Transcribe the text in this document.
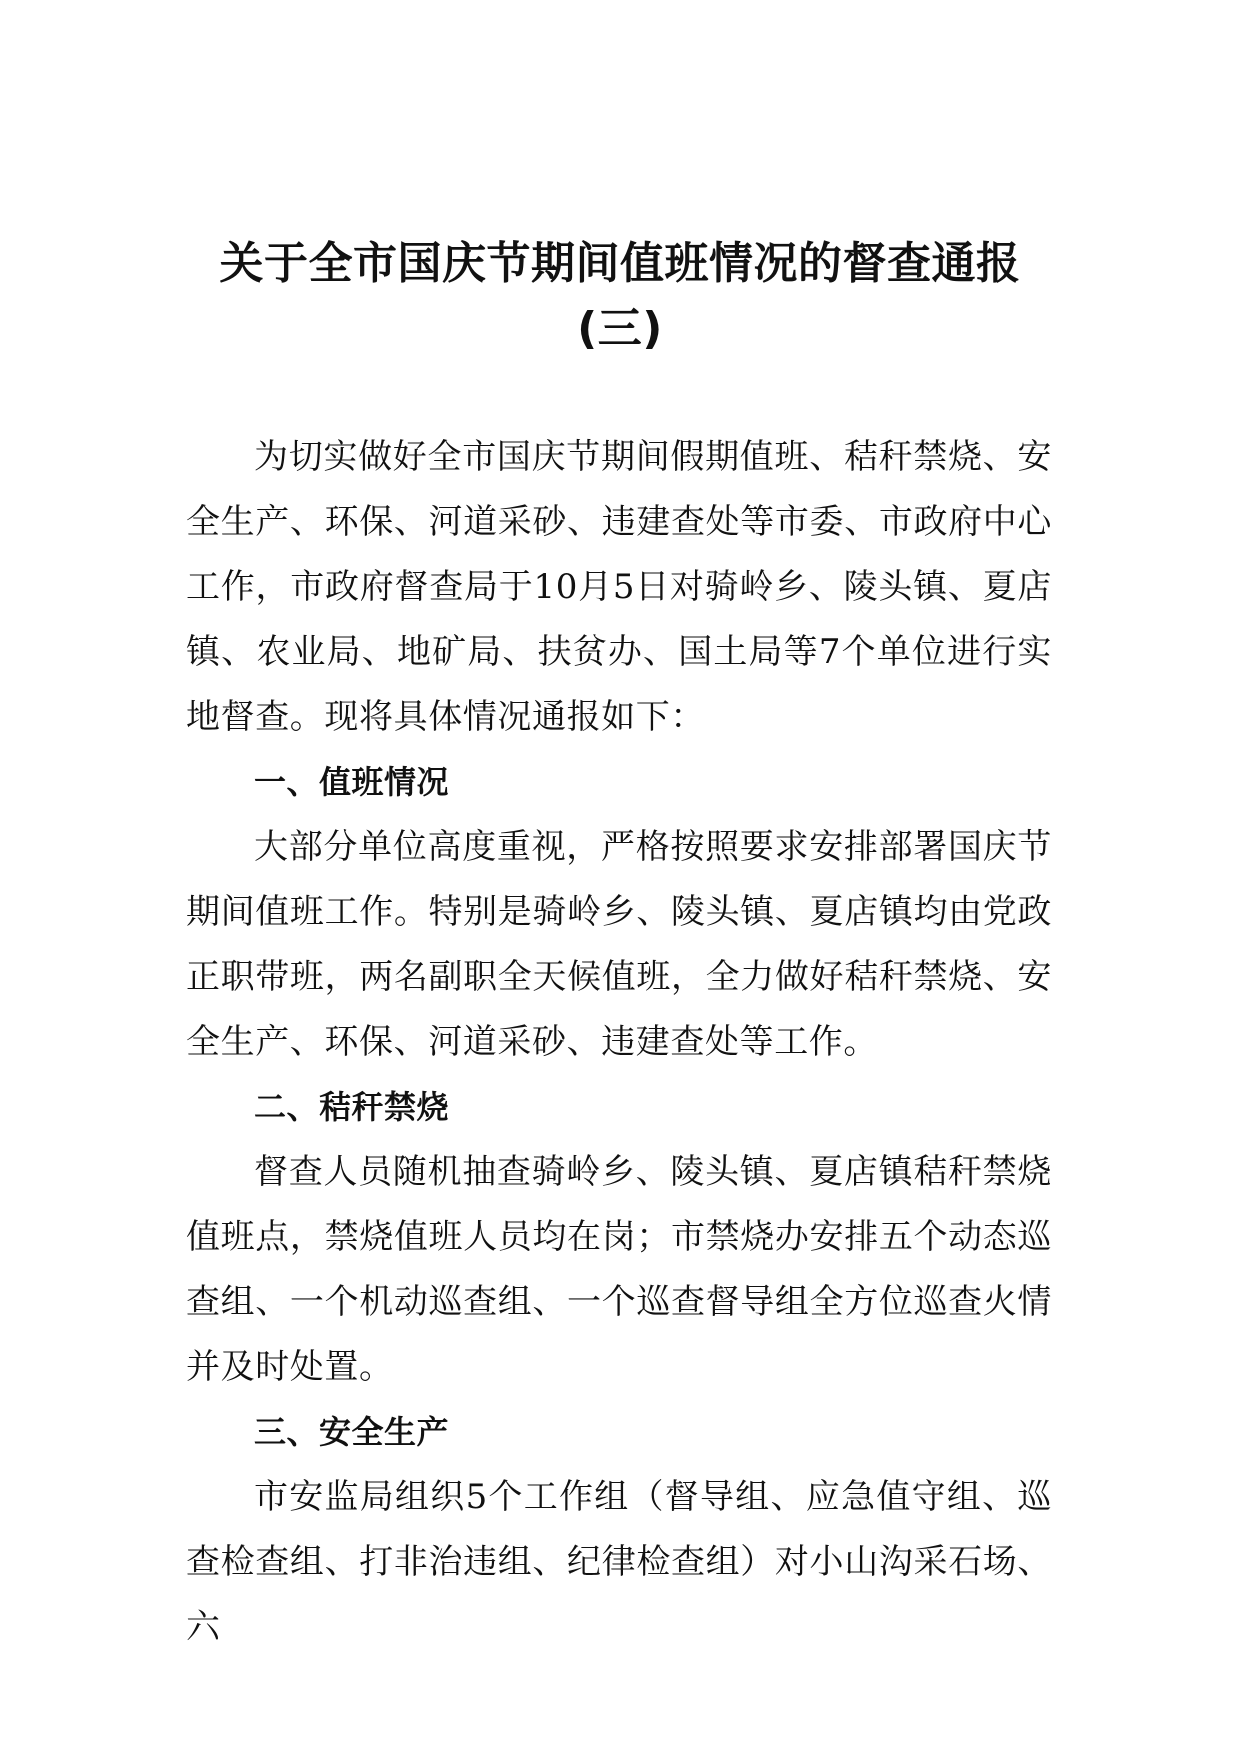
关于全市国庆节期间值班情况的督查通报
(三)

为切实做好全市国庆节期间假期值班、秸秆禁烧、安全生产、环保、河道采砂、违建查处等市委、市政府中心工作，市政府督查局于10月5日对骑岭乡、陵头镇、夏店镇、农业局、地矿局、扶贫办、国土局等7个单位进行实地督查。现将具体情况通报如下：

一、值班情况

大部分单位高度重视，严格按照要求安排部署国庆节期间值班工作。特别是骑岭乡、陵头镇、夏店镇均由党政正职带班，两名副职全天候值班，全力做好秸秆禁烧、安全生产、环保、河道采砂、违建查处等工作。

二、秸秆禁烧

督查人员随机抽查骑岭乡、陵头镇、夏店镇秸秆禁烧值班点，禁烧值班人员均在岗；市禁烧办安排五个动态巡查组、一个机动巡查组、一个巡查督导组全方位巡查火情并及时处置。

三、安全生产

市安监局组织5个工作组（督导组、应急值守组、巡查检查组、打非治违组、纪律检查组）对小山沟采石场、六
